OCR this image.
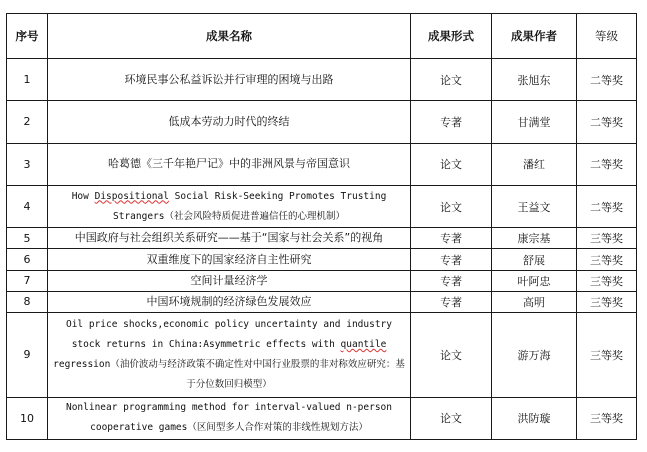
序号	成果名称	成果形式	成果作者	等级
1	环境民事公私益诉讼并行审理的困境与出路	论文	张旭东	二等奖
2	低成本劳动力时代的终结	专著	甘满堂	二等奖
3	哈葛德《三千年艳尸记》中的非洲风景与帝国意识	论文	潘红	二等奖
4	How Dispositional Social Risk-Seeking Promotes Trusting Strangers（社会风险特质促进普遍信任的心理机制）	论文	王益文	二等奖
5	中国政府与社会组织关系研究——基于“国家与社会关系”的视角	专著	康宗基	三等奖
6	双重维度下的国家经济自主性研究	专著	舒展	三等奖
7	空间计量经济学	专著	叶阿忠	三等奖
8	中国环境规制的经济绿色发展效应	专著	高明	三等奖
9	Oil price shocks,economic policy uncertainty and industry stock returns in China:Asymmetric effects with quantile regression（油价波动与经济政策不确定性对中国行业股票的非对称效应研究：基于分位数回归模型）	论文	游万海	三等奖
10	Nonlinear programming method for interval-valued n-person cooperative games（区间型多人合作对策的非线性规划方法）	论文	洪防璇	三等奖
